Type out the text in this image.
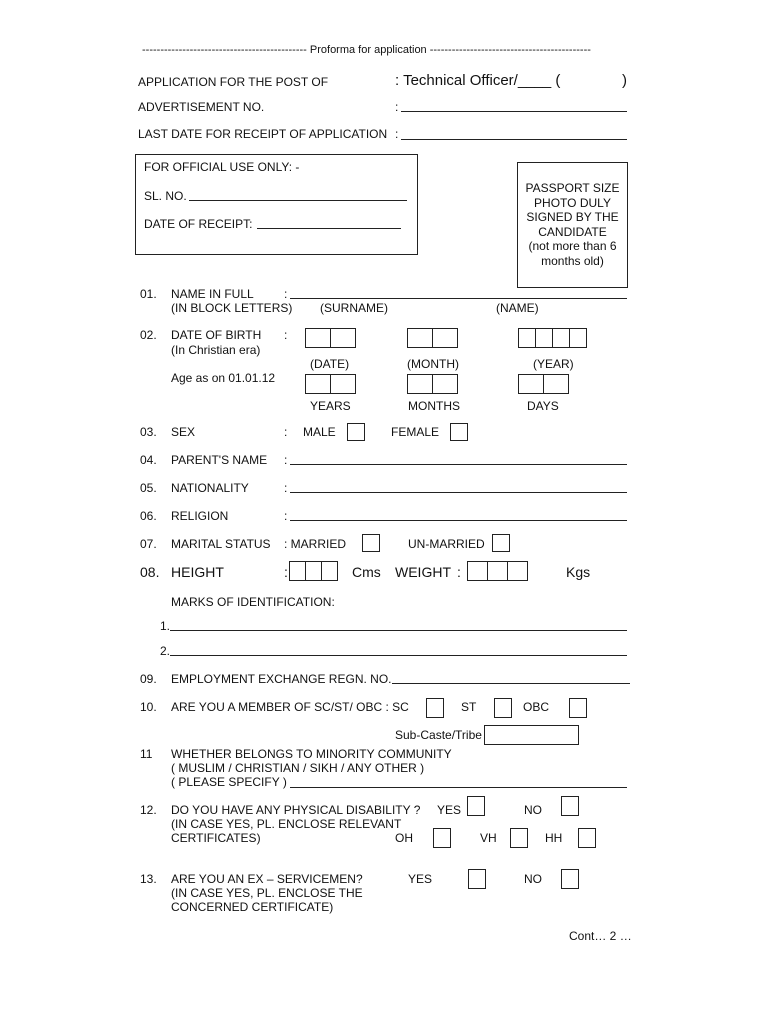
--------------------------------------------- Proforma for application --------------------------------------------
APPLICATION FOR THE POST OF	: Technical Officer/____ (	)
ADVERTISEMENT NO.	:
LAST DATE FOR RECEIPT OF APPLICATION :
FOR OFFICIAL USE ONLY: -
SL. NO.
DATE OF RECEIPT:
PASSPORT SIZE
PHOTO DULY
SIGNED BY THE
CANDIDATE
(not more than 6
months old)
01. NAME IN FULL	:
(IN BLOCK LETTERS) (SURNAME)	(NAME)
02. DATE OF BIRTH :
(In Christian era)
(DATE)	(MONTH)	(YEAR)
Age as on 01.01.12
YEARS	MONTHS	DAYS
03. SEX	: MALE	FEMALE
04. PARENT'S NAME :
05. NATIONALITY	:
06. RELIGION	:
07. MARITAL STATUS : MARRIED	UN-MARRIED
08. HEIGHT	:	Cms WEIGHT :	Kgs
MARKS OF IDENTIFICATION:
1.
2.
09. EMPLOYMENT EXCHANGE REGN. NO.
10. ARE YOU A MEMBER OF SC/ST/ OBC : SC	ST	OBC
Sub-Caste/Tribe
11 WHETHER BELONGS TO MINORITY COMMUNITY
( MUSLIM / CHRISTIAN / SIKH / ANY OTHER )
( PLEASE SPECIFY )
12. DO YOU HAVE ANY PHYSICAL DISABILITY ? YES	NO
(IN CASE YES, PL. ENCLOSE RELEVANT
CERTIFICATES)	OH	VH	HH
13. ARE YOU AN EX – SERVICEMEN?	YES	NO
(IN CASE YES, PL. ENCLOSE THE
CONCERNED CERTIFICATE)
Cont… 2 …
